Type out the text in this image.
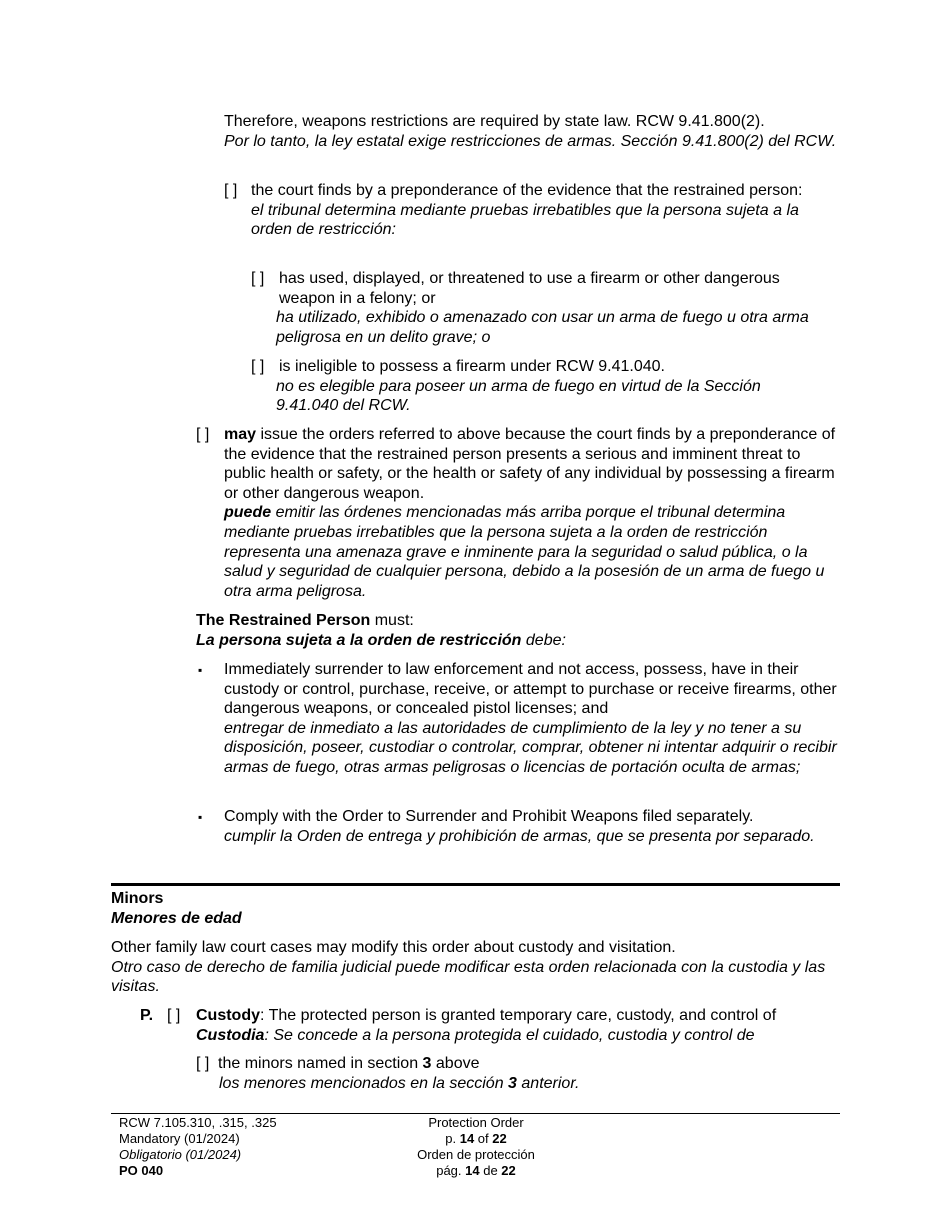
Therefore, weapons restrictions are required by state law. RCW 9.41.800(2).

Por lo tanto, la ley estatal exige restricciones de armas. Sección 9.41.800(2) del RCW.

[ ] the court finds by a preponderance of the evidence that the restrained person:

el tribunal determina mediante pruebas irrebatibles que la persona sujeta a la orden de restricción:

[ ] has used, displayed, or threatened to use a firearm or other dangerous weapon in a felony; or

ha utilizado, exhibido o amenazado con usar un arma de fuego u otra arma peligrosa en un delito grave; o

[ ] is ineligible to possess a firearm under RCW 9.41.040.

no es elegible para poseer un arma de fuego en virtud de la Sección 9.41.040 del RCW.

[ ] may issue the orders referred to above because the court finds by a preponderance of the evidence that the restrained person presents a serious and imminent threat to public health or safety, or the health or safety of any individual by possessing a firearm or other dangerous weapon.

puede emitir las órdenes mencionadas más arriba porque el tribunal determina mediante pruebas irrebatibles que la persona sujeta a la orden de restricción representa una amenaza grave e inminente para la seguridad o salud pública, o la salud y seguridad de cualquier persona, debido a la posesión de un arma de fuego u otra arma peligrosa.

The Restrained Person must:

La persona sujeta a la orden de restricción debe:

▪ Immediately surrender to law enforcement and not access, possess, have in their custody or control, purchase, receive, or attempt to purchase or receive firearms, other dangerous weapons, or concealed pistol licenses; and

entregar de inmediato a las autoridades de cumplimiento de la ley y no tener a su disposición, poseer, custodiar o controlar, comprar, obtener ni intentar adquirir o recibir armas de fuego, otras armas peligrosas o licencias de portación oculta de armas;

▪ Comply with the Order to Surrender and Prohibit Weapons filed separately.

cumplir la Orden de entrega y prohibición de armas, que se presenta por separado.

Minors

Menores de edad

Other family law court cases may modify this order about custody and visitation.

Otro caso de derecho de familia judicial puede modificar esta orden relacionada con la custodia y las visitas.

P. [ ] Custody: The protected person is granted temporary care, custody, and control of

Custodia: Se concede a la persona protegida el cuidado, custodia y control de

[ ] the minors named in section 3 above

los menores mencionados en la sección 3 anterior.

RCW 7.105.310, .315, .325

Mandatory (01/2024)

Obligatorio (01/2024)

PO 040

Protection Order

p. 14 of 22

Orden de protección

pág. 14 de 22
